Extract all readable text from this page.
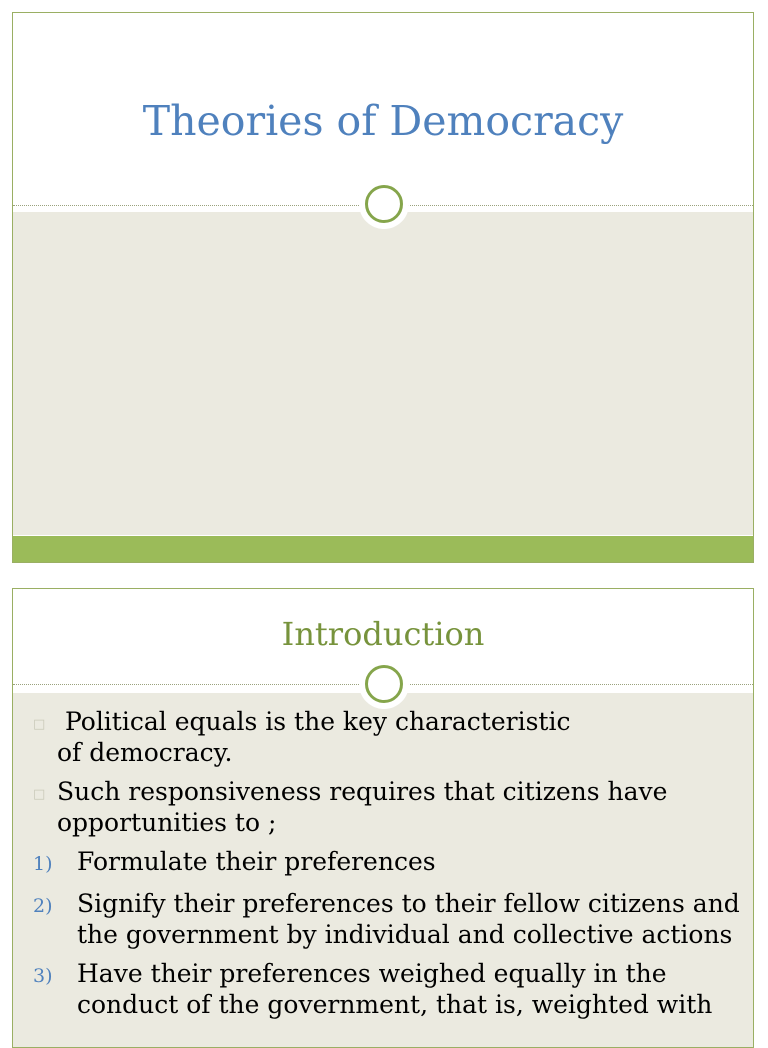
Theories of Democracy
Introduction
□ Political equals is the key characteristic of democracy.
□ Such responsiveness requires that citizens have opportunities to ;
1) Formulate their preferences
2) Signify their preferences to their fellow citizens and the government by individual and collective actions
3) Have their preferences weighed equally in the conduct of the government, that is, weighted with
